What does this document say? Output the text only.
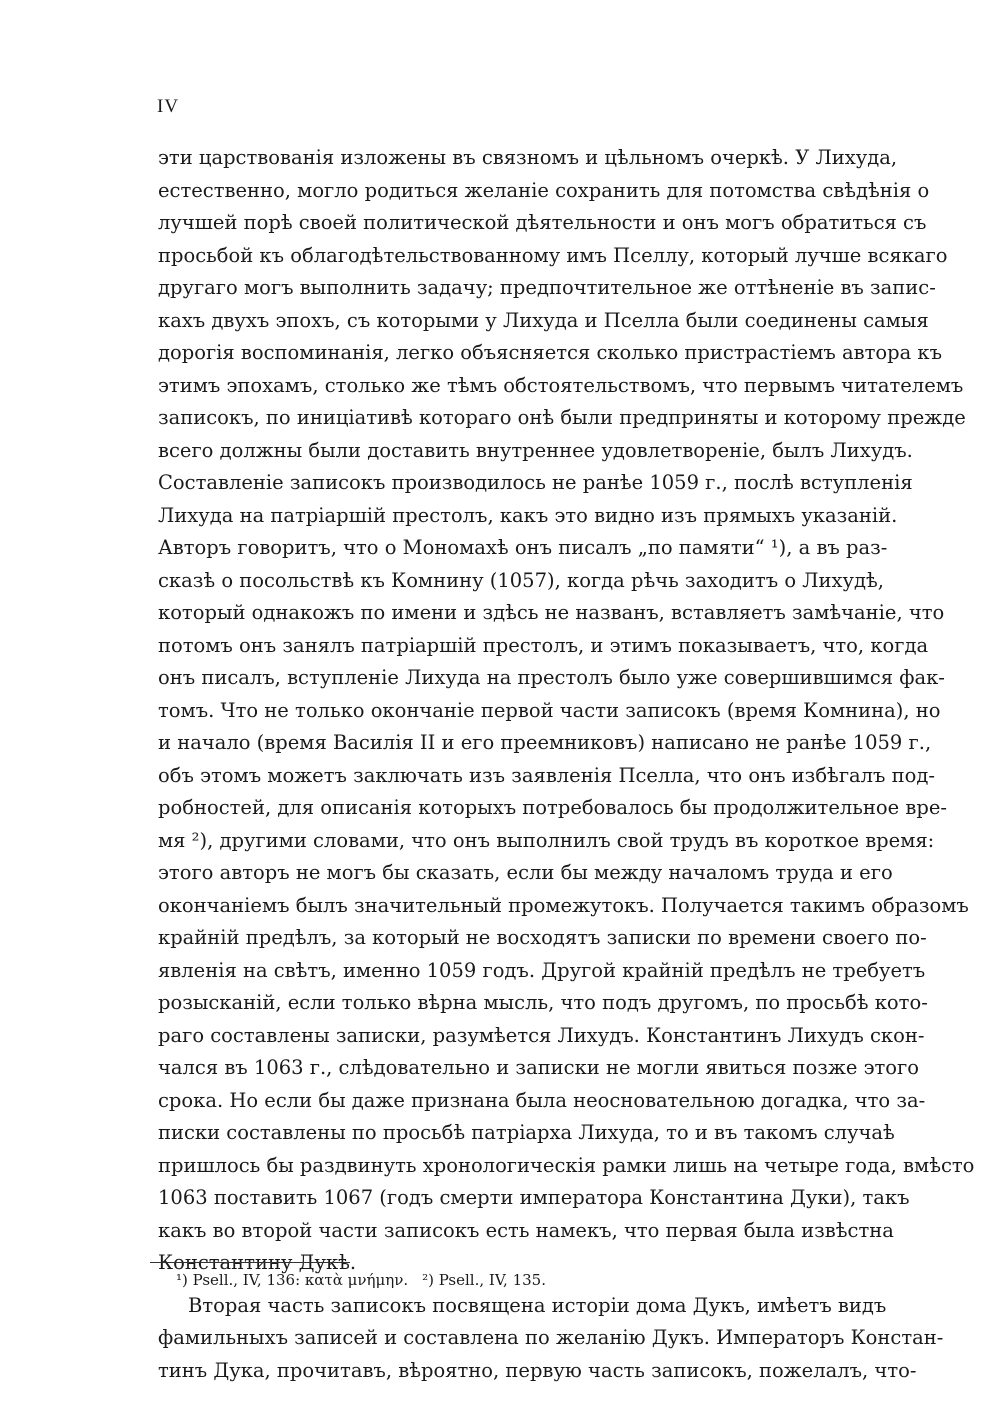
IV
эти царствованія изложены въ связномъ и цѣльномъ очеркѣ. У Лихуда,
естественно, могло родиться желаніе сохранить для потомства свѣдѣнія о
лучшей порѣ своей политической дѣятельности и онъ могъ обратиться съ
просьбой къ облагодѣтельствованному имъ Пселлу, который лучше всякаго
другаго могъ выполнить задачу; предпочтительное же оттѣненіе въ запис-
кахъ двухъ эпохъ, съ которыми у Лихуда и Пселла были соединены самыя
дорогія воспоминанія, легко объясняется сколько пристрастіемъ автора къ
этимъ эпохамъ, столько же тѣмъ обстоятельствомъ, что первымъ читателемъ
записокъ, по иниціативѣ котораго онѣ были предприняты и которому прежде
всего должны были доставить внутреннее удовлетвореніе, былъ Лихудъ.
Составленіе записокъ производилось не ранѣе 1059 г., послѣ вступленія
Лихуда на патріаршій престолъ, какъ это видно изъ прямыхъ указаній.
Авторъ говоритъ, что о Мономахѣ онъ писалъ „по памяти“ ¹), а въ раз-
сказѣ о посольствѣ къ Комнину (1057), когда рѣчь заходитъ о Лихудѣ,
который однакожъ по имени и здѣсь не названъ, вставляетъ замѣчаніе, что
потомъ онъ занялъ патріаршій престолъ, и этимъ показываетъ, что, когда
онъ писалъ, вступленіе Лихуда на престолъ было уже совершившимся фак-
томъ. Что не только окончаніе первой части записокъ (время Комнина), но
и начало (время Василія II и его преемниковъ) написано не ранѣе 1059 г.,
объ этомъ можетъ заключать изъ заявленія Пселла, что онъ избѣгалъ под-
робностей, для описанія которыхъ потребовалось бы продолжительное вре-
мя ²), другими словами, что онъ выполнилъ свой трудъ въ короткое время:
этого авторъ не могъ бы сказать, если бы между началомъ труда и его
окончаніемъ былъ значительный промежутокъ. Получается такимъ образомъ
крайній предѣлъ, за который не восходятъ записки по времени своего по-
явленія на свѣтъ, именно 1059 годъ. Другой крайній предѣлъ не требуетъ
розысканій, если только вѣрна мысль, что подъ другомъ, по просьбѣ кото-
раго составлены записки, разумѣется Лихудъ. Константинъ Лихудъ скон-
чался въ 1063 г., слѣдовательно и записки не могли явиться позже этого
срока. Но если бы даже признана была неосновательною догадка, что за-
писки составлены по просьбѣ патріарха Лихуда, то и въ такомъ случаѣ
пришлось бы раздвинуть хронологическія рамки лишь на четыре года, вмѣсто
1063 поставить 1067 (годъ смерти императора Константина Дуки), такъ
какъ во второй части записокъ есть намекъ, что первая была извѣстна
Константину Дукѣ.
Вторая часть записокъ посвящена исторіи дома Дукъ, имѣетъ видъ
фамильныхъ записей и составлена по желанію Дукъ. Императоръ Констан-
тинъ Дука, прочитавъ, вѣроятно, первую часть записокъ, пожелалъ, что-
¹) Psell., IV, 136: κατὰ μνήμην. ²) Psell., IV, 135.
